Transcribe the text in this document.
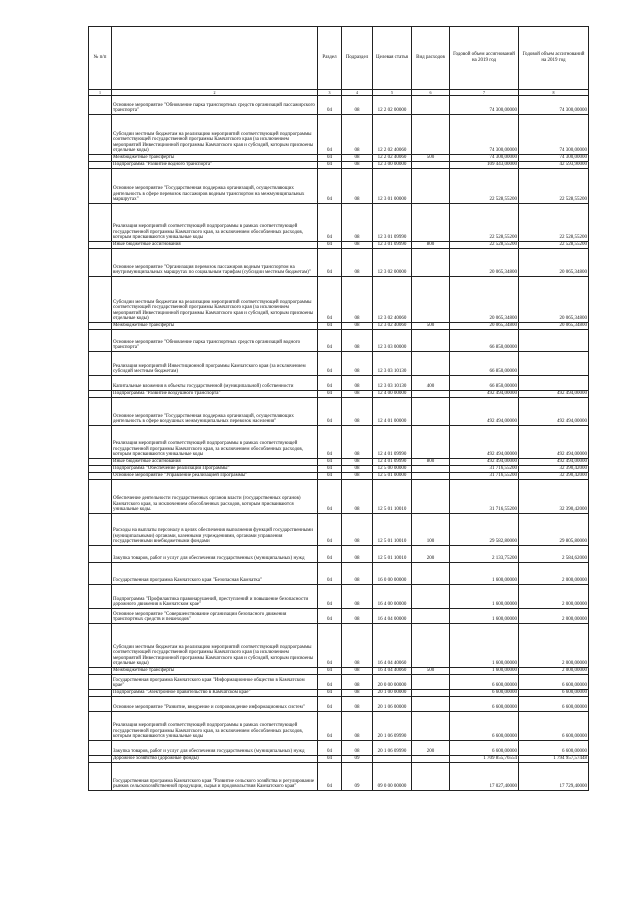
№ п/п		Раздел	Подраздел	Целевая статья	Вид расходов	Годовой объем ассигнований на 2019 год	Годовой объем ассигнований на 2019 год
1	2	3	4	5	6	7	8
	Основное мероприятие "Обновление парка транспортных средств организаций пассажирского транспорта"	04	08	12 2 02 00000		74 300,00000	74 300,00000
	Субсидии местным бюджетам на реализацию мероприятий соответствующей подпрограммы соответствующей государственной программы Камчатского края (за исключением мероприятий Инвестиционной программы Камчатского края и субсидий, которым присвоены отдельные коды)	04	08	12 2 02 40060		74 300,00000	74 300,00000
	Межбюджетные трансферты	04	08	12 2 02 40060	500	74 300,00000	74 300,00000
	Подпрограмма "Развитие водного транспорта"	04	08	12 3 00 00000		109 443,00000	42 593,90000
	Основное мероприятие "Государственная поддержка организаций, осуществляющих деятельность в сфере перевозок пассажиров водным транспортом на межмуниципальных маршрутах"	04	08	12 3 01 00000		22 528,55200	22 528,55200
	Реализация мероприятий соответствующей подпрограммы в рамках соответствующей государственной программы Камчатского края, за исключением обособленных расходов, которым присваиваются уникальные коды	04	08	12 3 01 09990		22 528,55200	22 528,55200
	Иные бюджетные ассигнования	04	08	12 3 01 09990	800	22 528,55200	22 528,55200
	Основное мероприятие "Организация перевозок пассажиров водным транспортом на внутримуниципальных маршрутах по социальным тарифам (субсидии местным бюджетам)"	04	08	12 3 02 00000		20 065,34800	20 065,34800
	Субсидии местным бюджетам на реализацию мероприятий соответствующей подпрограммы соответствующей государственной программы Камчатского края (за исключением мероприятий Инвестиционной программы Камчатского края и субсидий, которым присвоены отдельные коды)	04	08	12 3 02 40060		20 065,34800	20 065,34800
	Межбюджетные трансферты	04	08	12 3 02 40060	500	20 065,34800	20 065,34800
	Основное мероприятие "Обновление парка транспортных средств организаций водного транспорта"	04	08	12 3 03 00000		66 850,00000	
	Реализация мероприятий Инвестиционной программы Камчатского края (за исключением субсидий местным бюджетам)	04	08	12 3 03 10130		66 850,00000	
	Капитальные вложения в объекты государственной (муниципальной) собственности	04	08	12 3 03 10130	400	66 850,00000	
	Подпрограмма "Развитие воздушного транспорта"	04	08	12 4 00 00000		492 494,00000	492 494,00000
	Основное мероприятие "Государственная поддержка организаций, осуществляющих деятельность в сфере воздушных межмуниципальных перевозок населения"	04	08	12 4 01 00000		492 494,00000	492 494,00000
	Реализация мероприятий соответствующей подпрограммы в рамках соответствующей государственной программы Камчатского края, за исключением обособленных расходов, которым присваиваются уникальные коды	04	08	12 4 01 09990		492 494,00000	492 494,00000
	Иные бюджетные ассигнования	04	08	12 4 01 09990	800	492 494,00000	492 494,00000
	Подпрограмма "Обеспечение реализации Программы"	04	08	12 5 00 00000		31 716,55200	32 390,42000
	Основное мероприятие "Управление реализацией Программы"	04	08	12 5 01 00000		31 716,55200	32 390,42000
	Обеспечение деятельности государственных органов власти (государственных органов) Камчатского края, за исключением обособленных расходов, которым присваиваются уникальные коды.	04	08	12 5 01 10010		31 716,55200	32 390,42000
	Расходы на выплаты персоналу в целях обеспечения выполнения функций государственными (муниципальными) органами, казенными учреждениями, органами управления государственными внебюджетными фондами	04	08	12 5 01 10010	100	29 582,80000	29 805,80000
	Закупка товаров, работ и услуг для обеспечения государственных (муниципальных) нужд	04	08	12 5 01 10010	200	2 133,75200	2 584,62000
	Государственная программа Камчатского края "Безопасная Камчатка"	04	08	16 0 00 00000		1 600,00000	2 000,00000
	Подпрограмма "Профилактика правонарушений, преступлений и повышение безопасности дорожного движения в Камчатском крае"	04	08	16 4 00 00000		1 600,00000	2 000,00000
	Основное мероприятие "Совершенствование организации безопасного движения транспортных средств и пешеходов"	04	08	16 4 04 00000		1 600,00000	2 000,00000
	Субсидии местным бюджетам на реализацию мероприятий соответствующей подпрограммы соответствующей государственной программы Камчатского края (за исключением мероприятий Инвестиционной программы Камчатского края и субсидий, которым присвоены отдельные коды)	04	08	16 4 04 40060		1 600,00000	2 000,00000
	Межбюджетные трансферты	04	08	16 4 04 40060	500	1 600,00000	2 000,00000
	Государственная программа Камчатского края "Информационное общество в Камчатском крае"	04	08	20 0 00 00000		6 600,00000	6 600,00000
	Подпрограмма "Электронное правительство в Камчатском крае"	04	08	20 1 00 00000		6 600,00000	6 600,00000
	Основное мероприятие "Развитие, внедрение и сопровождение информационных систем"	04	08	20 1 06 00000		6 600,00000	6 600,00000
	Реализация мероприятий соответствующей подпрограммы в рамках соответствующей государственной программы Камчатского края, за исключением обособленных расходов, которым присваиваются уникальные коды	04	08	20 1 06 09990		6 600,00000	6 600,00000
	Закупка товаров, работ и услуг для обеспечения государственных (муниципальных) нужд	04	08	20 1 06 09990	200	6 600,00000	6 600,00000
	Дорожное хозяйство (дорожные фонды)	04	09			1 709 855,76554	1 794 957,57448
	Государственная программа Камчатского края "Развитие сельского хозяйства и регулирование рынков сельскохозяйственной продукции, сырья и продовольствия Камчатского края"	04	09	09 0 00 00000		17 027,40000	17 729,40000
